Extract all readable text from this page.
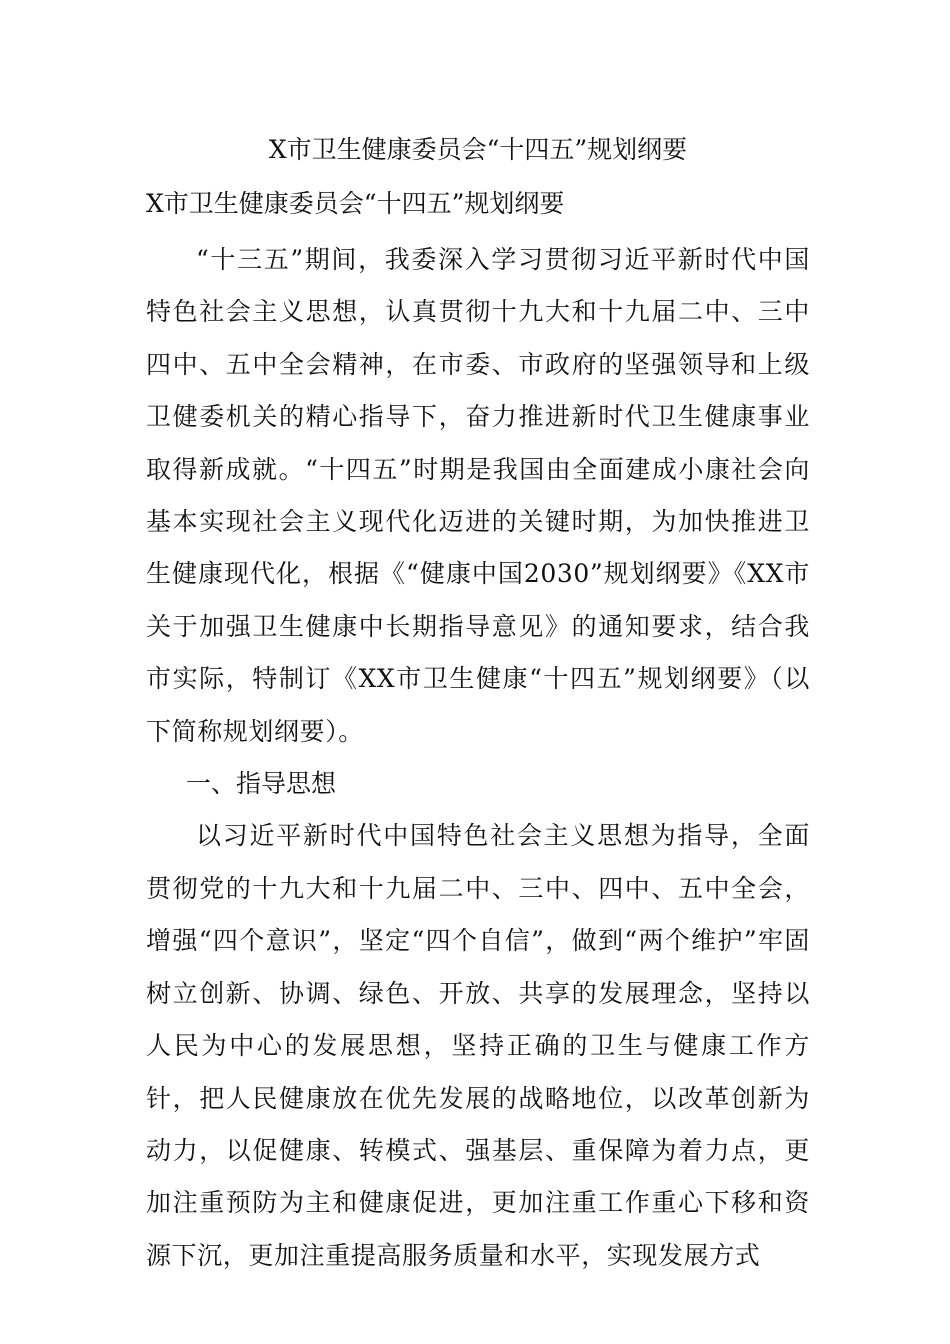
X市卫生健康委员会“十四五”规划纲要
X市卫生健康委员会“十四五”规划纲要

“十三五”期间，我委深入学习贯彻习近平新时代中国特色社会主义思想，认真贯彻十九大和十九届二中、三中四中、五中全会精神，在市委、市政府的坚强领导和上级卫健委机关的精心指导下，奋力推进新时代卫生健康事业取得新成就。“十四五”时期是我国由全面建成小康社会向基本实现社会主义现代化迈进的关键时期，为加快推进卫生健康现代化，根据《“健康中国2030”规划纲要》《XX市关于加强卫生健康中长期指导意见》的通知要求，结合我市实际，特制订《XX市卫生健康“十四五”规划纲要》（以下简称规划纲要）。

一、指导思想

以习近平新时代中国特色社会主义思想为指导，全面贯彻党的十九大和十九届二中、三中、四中、五中全会，增强“四个意识”，坚定“四个自信”，做到“两个维护”牢固树立创新、协调、绿色、开放、共享的发展理念，坚持以人民为中心的发展思想，坚持正确的卫生与健康工作方针，把人民健康放在优先发展的战略地位，以改革创新为动力，以促健康、转模式、强基层、重保障为着力点，更加注重预防为主和健康促进，更加注重工作重心下移和资源下沉，更加注重提高服务质量和水平，实现发展方式
